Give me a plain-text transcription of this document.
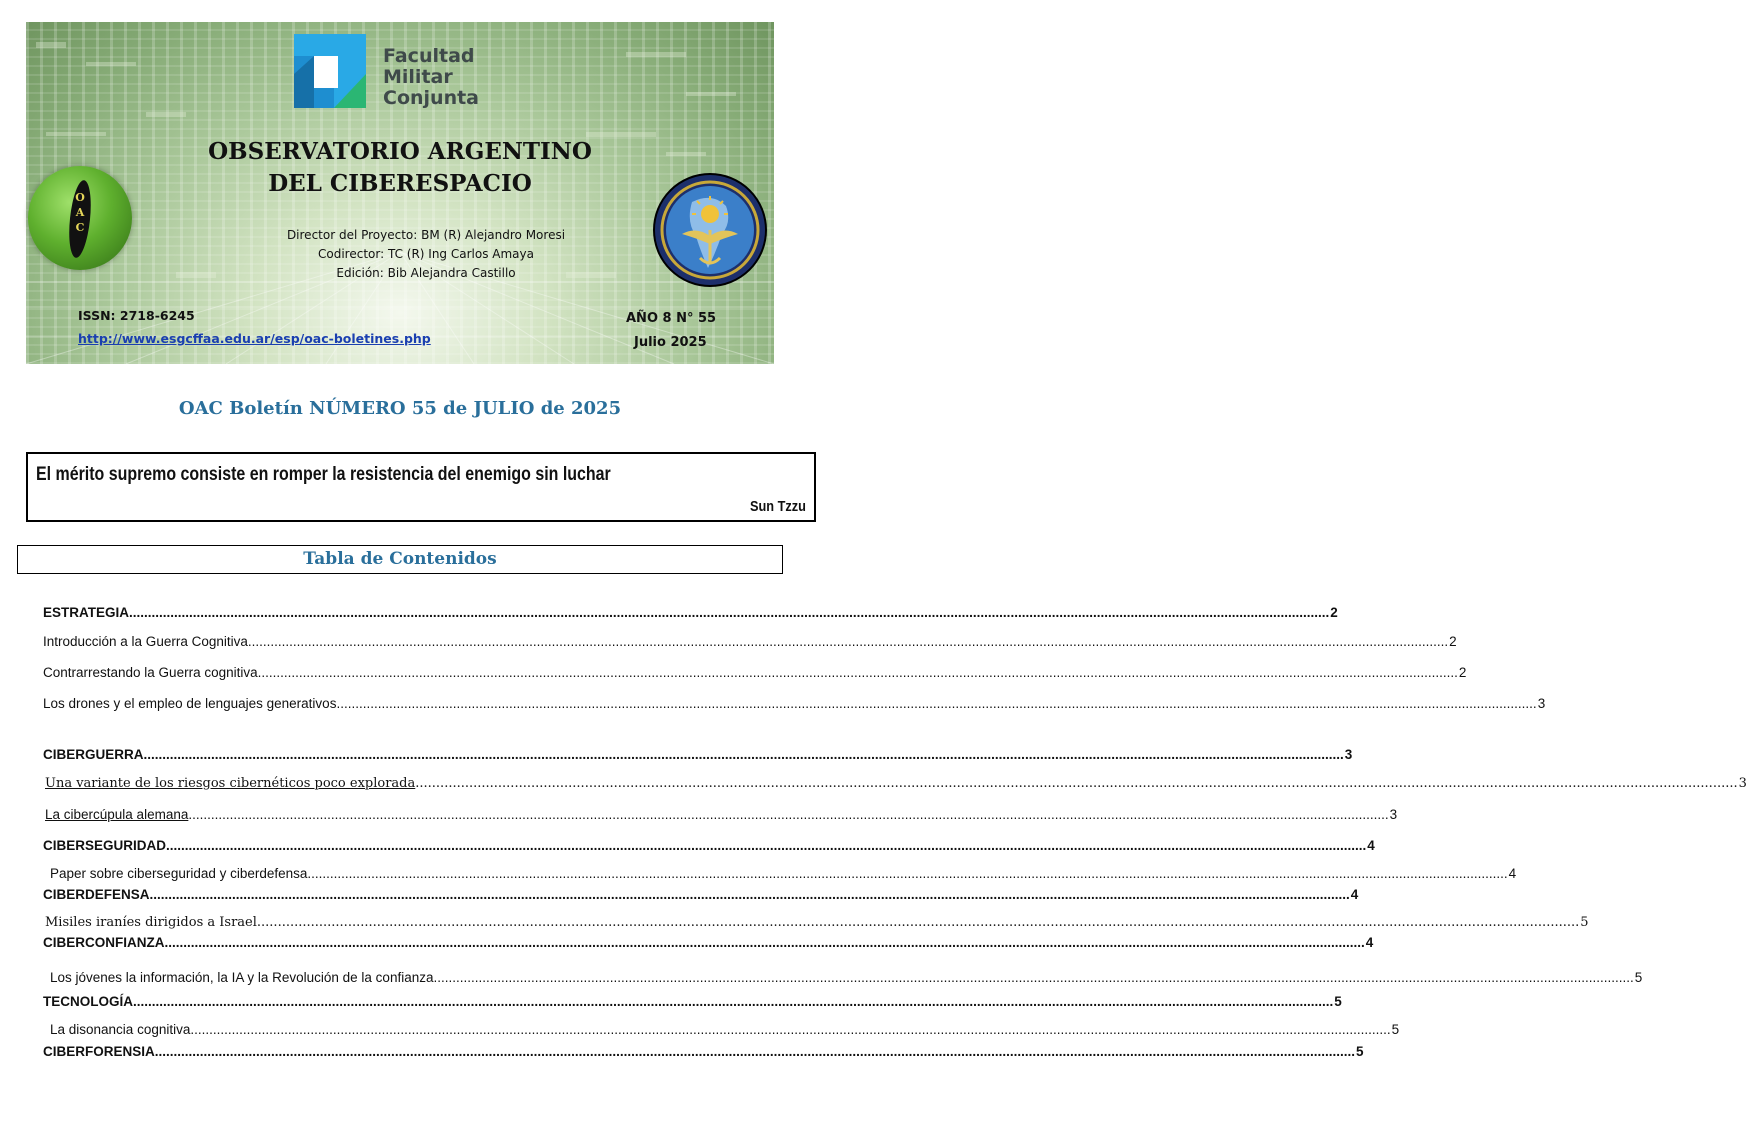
Facultad
Militar
Conjunta
OBSERVATORIO ARGENTINO
DEL CIBERESPACIO
Director del Proyecto: BM (R) Alejandro Moresi
Codirector: TC (R) Ing Carlos Amaya
Edición: Bib Alejandra Castillo
O
A
C
ISSN: 2718-6245
http://www.esgcffaa.edu.ar/esp/oac-boletines.php
AÑO 8 N° 55
Julio 2025
OAC Boletín NÚMERO 55 de JULIO de 2025
El mérito supremo consiste en romper la resistencia del enemigo sin luchar
Sun Tzzu
Tabla de Contenidos
ESTRATEGIA .....	2
Introducción a la Guerra Cognitiva .....	2
Contrarrestando la Guerra cognitiva .....	2
Los drones y el empleo de lenguajes generativos .....	3
CIBERGUERRA .....	3
Una variante de los riesgos cibernéticos poco explorada .....	3
La cibercúpula alemana .....	3
CIBERSEGURIDAD .....	4
Paper sobre ciberseguridad y ciberdefensa .....	4
CIBERDEFENSA .....	4
Misiles iraníes dirigidos a Israel .....	5
CIBERCONFIANZA .....	4
Los jóvenes la información, la IA y la Revolución de la confianza .....	5
TECNOLOGÍA .....	5
La disonancia cognitiva .....	5
CIBERFORENSIA .....	5
